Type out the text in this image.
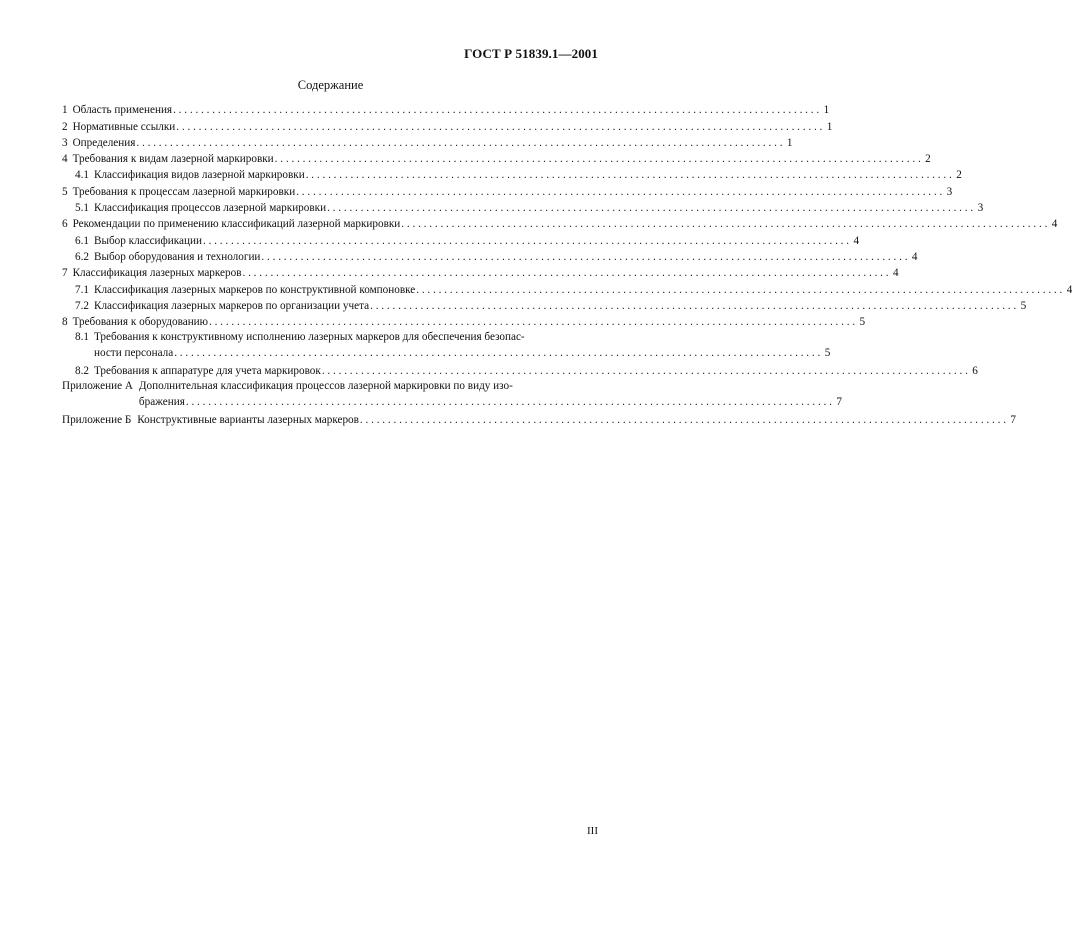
ГОСТ Р 51839.1—2001
Содержание
1 Область применения . . .	1
2 Нормативные ссылки . . .	1
3 Определения . . .	1
4 Требования к видам лазерной маркировки . . .	2
4.1 Классификация видов лазерной маркировки . . .	2
5 Требования к процессам лазерной маркировки . . .	3
5.1 Классификация процессов лазерной маркировки . . .	3
6 Рекомендации по применению классификаций лазерной маркировки . . .	4
6.1 Выбор классификации . . .	4
6.2 Выбор оборудования и технологии . . .	4
7 Классификация лазерных маркеров . . .	4
7.1 Классификация лазерных маркеров по конструктивной компоновке . . .	4
7.2 Классификация лазерных маркеров по организации учета . . .	5
8 Требования к оборудованию . . .	5
8.1 Требования к конструктивному исполнению лазерных маркеров для обеспечения безопас-
ности персонала . . .	5
8.2 Требования к аппаратуре для учета маркировок . . .	6
Приложение А Дополнительная классификация процессов лазерной маркировки по виду изо-
бражения . . .	7
Приложение Б Конструктивные варианты лазерных маркеров . . .	7
III
